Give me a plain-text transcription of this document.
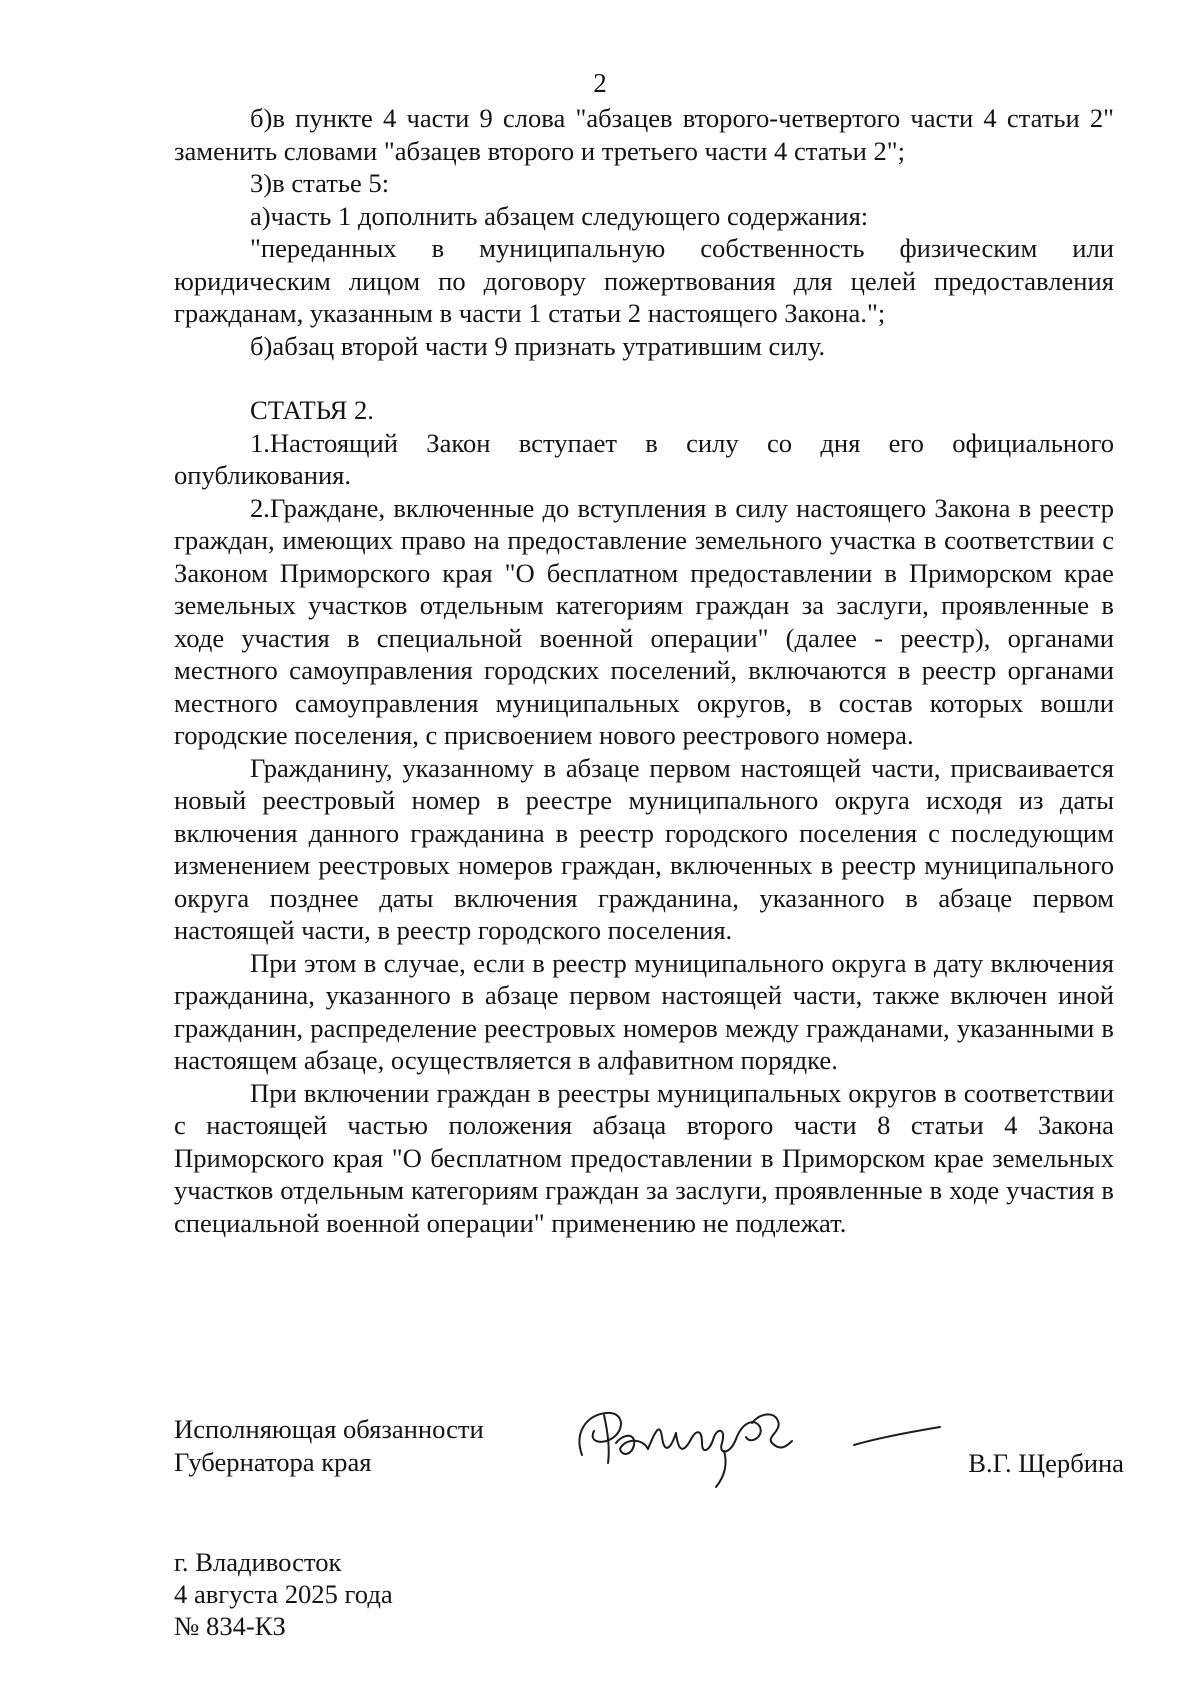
2

б)в пункте 4 части 9 слова "абзацев второго-четвертого части 4 статьи 2" заменить словами "абзацев второго и третьего части 4 статьи 2";

3)в статье 5:

а)часть 1 дополнить абзацем следующего содержания:

"переданных в муниципальную собственность физическим или юридическим лицом по договору пожертвования для целей предоставления гражданам, указанным в части 1 статьи 2 настоящего Закона.";

б)абзац второй части 9 признать утратившим силу.

СТАТЬЯ 2.

1.Настоящий Закон вступает в силу со дня его официального опубликования.

2.Граждане, включенные до вступления в силу настоящего Закона в реестр граждан, имеющих право на предоставление земельного участка в соответствии с Законом Приморского края "О бесплатном предоставлении в Приморском крае земельных участков отдельным категориям граждан за заслуги, проявленные в ходе участия в специальной военной операции" (далее - реестр), органами местного самоуправления городских поселений, включаются в реестр органами местного самоуправления муниципальных округов, в состав которых вошли городские поселения, с присвоением нового реестрового номера.

Гражданину, указанному в абзаце первом настоящей части, присваивается новый реестровый номер в реестре муниципального округа исходя из даты включения данного гражданина в реестр городского поселения с последующим изменением реестровых номеров граждан, включенных в реестр муниципального округа позднее даты включения гражданина, указанного в абзаце первом настоящей части, в реестр городского поселения.

При этом в случае, если в реестр муниципального округа в дату включения гражданина, указанного в абзаце первом настоящей части, также включен иной гражданин, распределение реестровых номеров между гражданами, указанными в настоящем абзаце, осуществляется в алфавитном порядке.

При включении граждан в реестры муниципальных округов в соответствии с настоящей частью положения абзаца второго части 8 статьи 4 Закона Приморского края "О бесплатном предоставлении в Приморском крае земельных участков отдельным категориям граждан за заслуги, проявленные в ходе участия в специальной военной операции" применению не подлежат.

Исполняющая обязанности
Губернатора края	В.Г. Щербина
г. Владивосток
4 августа 2025 года
№ 834-КЗ
